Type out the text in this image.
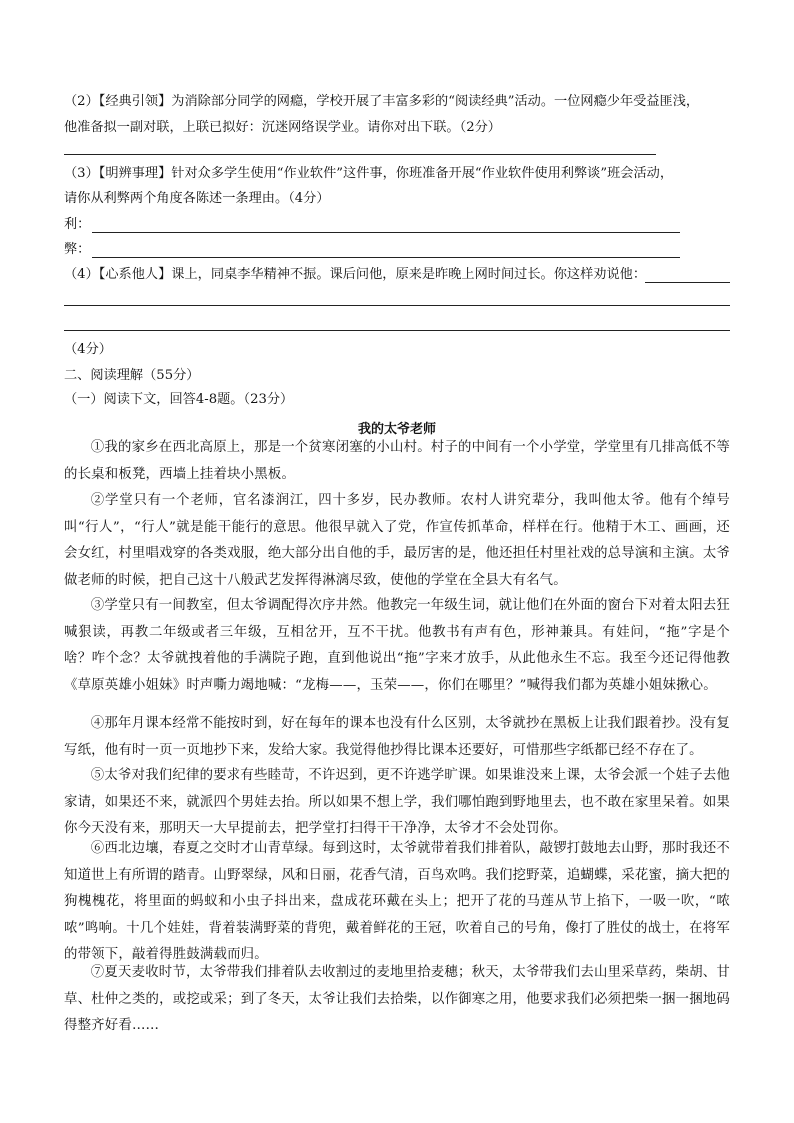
（2）【经典引领】为消除部分同学的网瘾，学校开展了丰富多彩的“阅读经典”活动。一位网瘾少年受益匪浅，
他准备拟一副对联，上联已拟好：沉迷网络误学业。请你对出下联。（2分）
（3）【明辨事理】针对众多学生使用“作业软件”这件事，你班准备开展“作业软件使用利弊谈”班会活动，
请你从利弊两个角度各陈述一条理由。（4分）
利：
弊：
（4）【心系他人】课上，同桌李华精神不振。课后问他，原来是昨晚上网时间过长。你这样劝说他：
（4分）
二、阅读理解（55分）
（一）阅读下文，回答4-8题。（23分）
我的太爷老师
①我的家乡在西北高原上，那是一个贫寒闭塞的小山村。村子的中间有一个小学堂，学堂里有几排高低不等的长桌和板凳，西墙上挂着块小黑板。
②学堂只有一个老师，官名漆润江，四十多岁，民办教师。农村人讲究辈分，我叫他太爷。他有个绰号叫“行人”，“行人”就是能干能行的意思。他很早就入了党，作宣传抓革命，样样在行。他精于木工、画画，还会女红，村里唱戏穿的各类戏服，绝大部分出自他的手，最厉害的是，他还担任村里社戏的总导演和主演。太爷做老师的时候，把自己这十八般武艺发挥得淋漓尽致，使他的学堂在全县大有名气。
③学堂只有一间教室，但太爷调配得次序井然。他教完一年级生词，就让他们在外面的窗台下对着太阳去狂喊狠读，再教二年级或者三年级，互相岔开，互不干扰。他教书有声有色，形神兼具。有娃问，“拖”字是个啥？咋个念？太爷就拽着他的手满院子跑，直到他说出“拖”字来才放手，从此他永生不忘。我至今还记得他教《草原英雄小姐妹》时声嘶力竭地喊：“龙梅——，玉荣——，你们在哪里？”喊得我们都为英雄小姐妹揪心。
④那年月课本经常不能按时到，好在每年的课本也没有什么区别，太爷就抄在黑板上让我们跟着抄。没有复写纸，他有时一页一页地抄下来，发给大家。我觉得他抄得比课本还要好，可惜那些字纸都已经不存在了。
⑤太爷对我们纪律的要求有些睦苛，不许迟到，更不许逃学旷课。如果谁没来上课，太爷会派一个娃子去他家请，如果还不来，就派四个男娃去抬。所以如果不想上学，我们哪怕跑到野地里去，也不敢在家里呆着。如果你今天没有来，那明天一大早提前去，把学堂打扫得干干净净，太爷才不会处罚你。
⑥西北边壤，春夏之交时才山青草绿。每到这时，太爷就带着我们排着队，敲锣打鼓地去山野，那时我还不知道世上有所谓的踏青。山野翠绿，风和日丽，花香气清，百鸟欢鸣。我们挖野菜，追蝴蝶，采花蜜，摘大把的狗槐槐花，将里面的蚂蚁和小虫子抖出来，盘成花环戴在头上；把开了花的马莲从节上掐下，一吸一吹，“哝哝”鸣响。十几个娃娃，背着装满野菜的背兜，戴着鲜花的王冠，吹着自己的号角，像打了胜仗的战士，在将军的带领下，敲着得胜鼓满载而归。
⑦夏天麦收时节，太爷带我们排着队去收割过的麦地里拾麦穗；秋天，太爷带我们去山里采草药，柴胡、甘草、杜仲之类的，或挖或采；到了冬天，太爷让我们去拾柴，以作御寒之用，他要求我们必须把柴一捆一捆地码得整齐好看……
